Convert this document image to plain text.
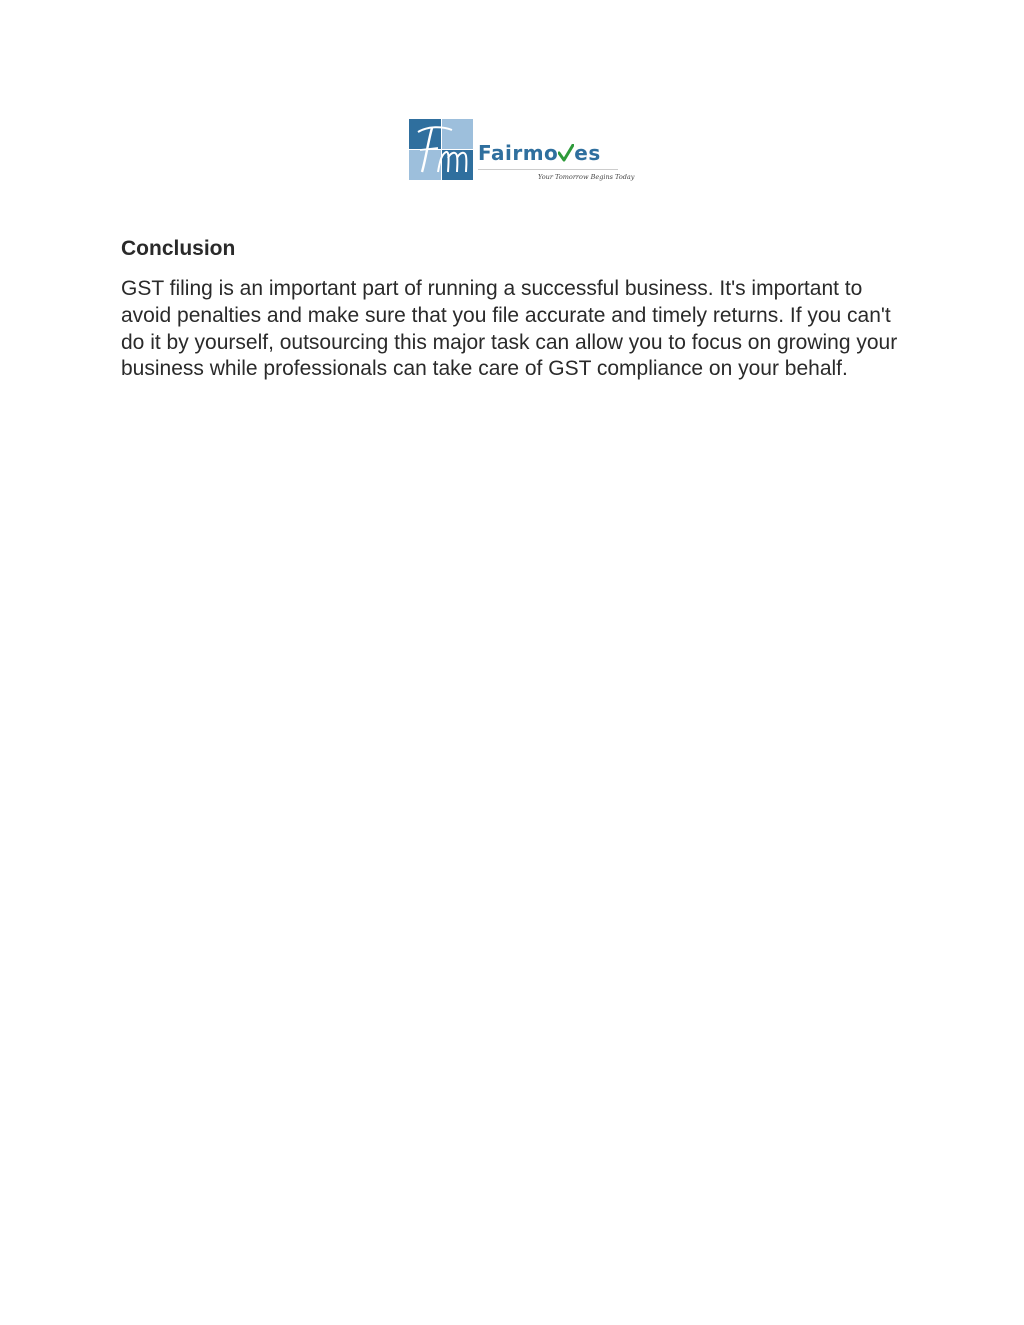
Fairmo es
Your Tomorrow Begins Today
Conclusion

GST filing is an important part of running a successful business. It's important to avoid penalties and make sure that you file accurate and timely returns. If you can't do it by yourself, outsourcing this major task can allow you to focus on growing your business while professionals can take care of GST compliance on your behalf.
